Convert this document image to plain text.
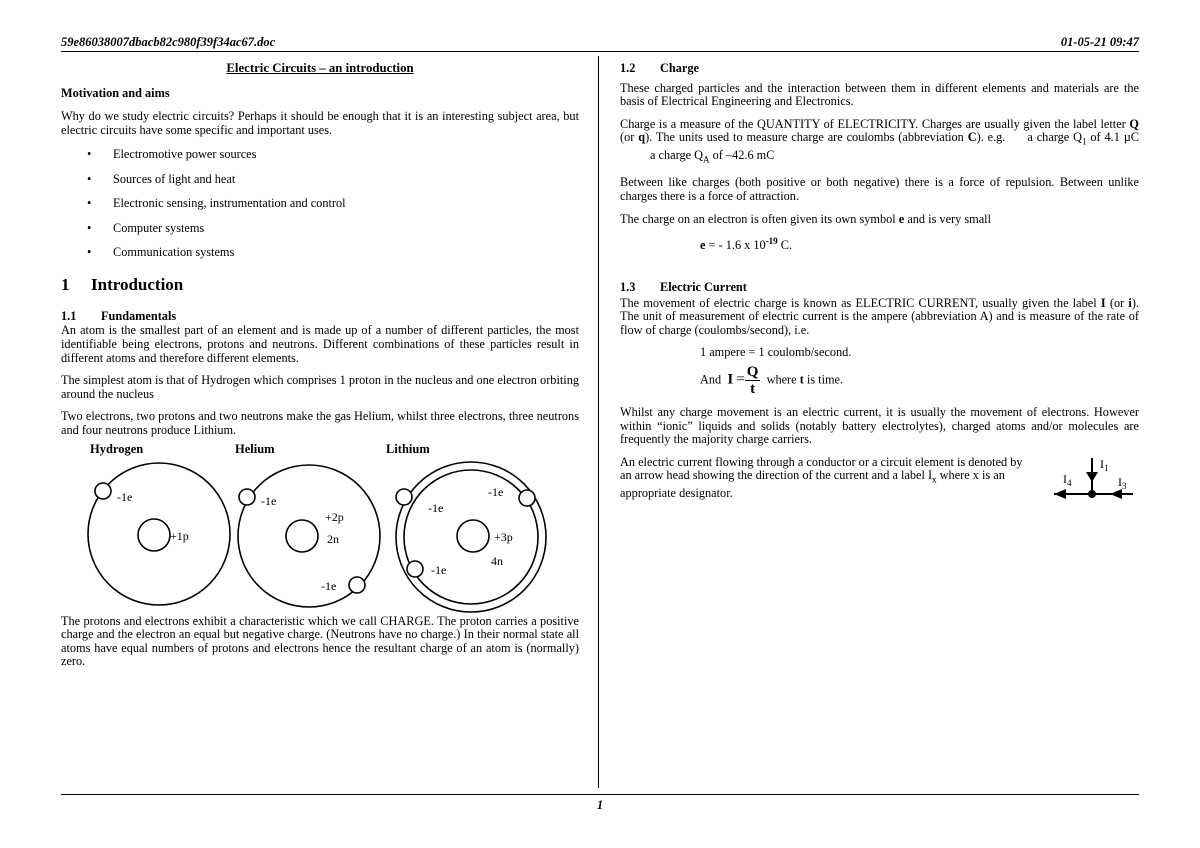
59e86038007dbacb82c980f39f34ac67.doc	01-05-21 09:47
1

Electric Circuits – an introduction

Motivation and aims

Why do we study electric circuits? Perhaps it should be enough that it is an interesting subject area, but electric circuits have some specific and important uses.

• Electromotive power sources
• Sources of light and heat
• Electronic sensing, instrumentation and control
• Computer systems
• Communication systems
1 Introduction
1.1 Fundamentals

An atom is the smallest part of an element and is made up of a number of different particles, the most identifiable being electrons, protons and neutrons. Different combinations of these particles result in different atoms and therefore different elements.

The simplest atom is that of Hydrogen which comprises 1 proton in the nucleus and one electron orbiting around the nucleus

Two electrons, two protons and two neutrons make the gas Helium, whilst three electrons, three neutrons and four neutrons produce Lithium.

Hydrogen	Helium	Lithium
-1e
+1p
-1e
-1e
+2p
2n
-1e
-1e
-1e
+3p
4n

The protons and electrons exhibit a characteristic which we call CHARGE. The proton carries a positive charge and the electron an equal but negative charge. (Neutrons have no charge.) In their normal state all atoms have equal numbers of protons and electrons hence the resultant charge of an atom is (normally) zero.

1.2 Charge

These charged particles and the interaction between them in different elements and materials are the basis of Electrical Engineering and Electronics.

Charge is a measure of the QUANTITY of ELECTRICITY. Charges are usually given the label letter Q (or q). The units used to measure charge are coulombs (abbreviation C). e.g. a charge $Q_1$ of 4.1 µCa charge $Q_A$ of –42.6 mC

Between like charges (both positive or both negative) there is a force of repulsion. Between unlike charges there is a force of attraction.

The charge on an electron is often given its own symbol e and is very small

e = - 1.6 x $10^{-19}$ C.

1.3 Electric Current

The movement of electric charge is known as ELECTRIC CURRENT, usually given the label I (or i). The unit of measurement of electric current is the ampere (abbreviation A) and is measure of the rate of flow of charge (coulombs/second), i.e.

1 ampere = 1 coulomb/second.

And $I = \frac{Q}{t}$ where t is time.

Whilst any charge movement is an electric current, it is usually the movement of electrons. However within “ionic” liquids and solids (notably battery electrolytes), charged atoms and/or molecules are frequently the majority charge carriers.

An electric current flowing through a conductor or a circuit element is denoted by an arrow head showing the direction of the current and a label $I_x$ where x is an appropriate designator.

$I_1$
$I_4$	$I_3$
